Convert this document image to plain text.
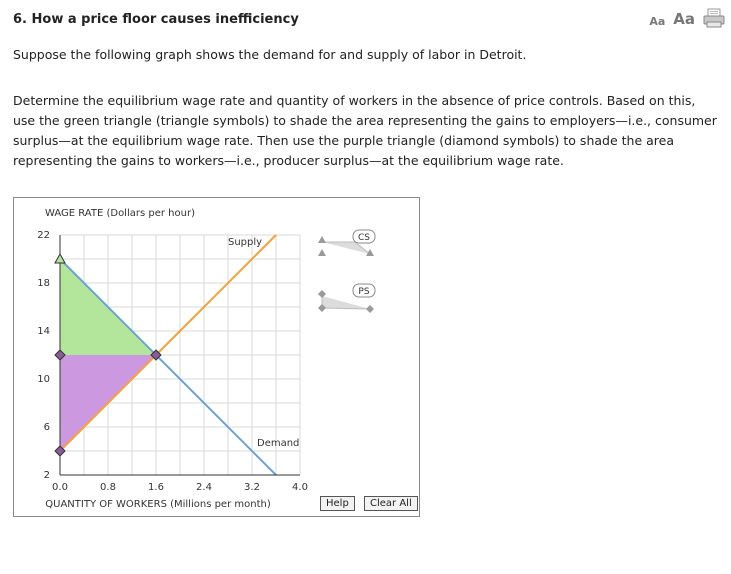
6. How a price floor causes inefficiency	Aa Aa
Suppose the following graph shows the demand for and supply of labor in Detroit.
Determine the equilibrium wage rate and quantity of workers in the absence of price controls. Based on this, use the green triangle (triangle symbols) to shade the area representing the gains to employers—i.e., consumer surplus—at the equilibrium wage rate. Then use the purple triangle (diamond symbols) to shade the area representing the gains to workers—i.e., producer surplus—at the equilibrium wage rate.
2
6
10
14
18
22
0.0	0.8	1.6	2.4	3.2	4.0
WAGE RATE (Dollars per hour)
QUANTITY OF WORKERS (Millions per month)
Supply
Demand
CS
PS
Help	Clear All
